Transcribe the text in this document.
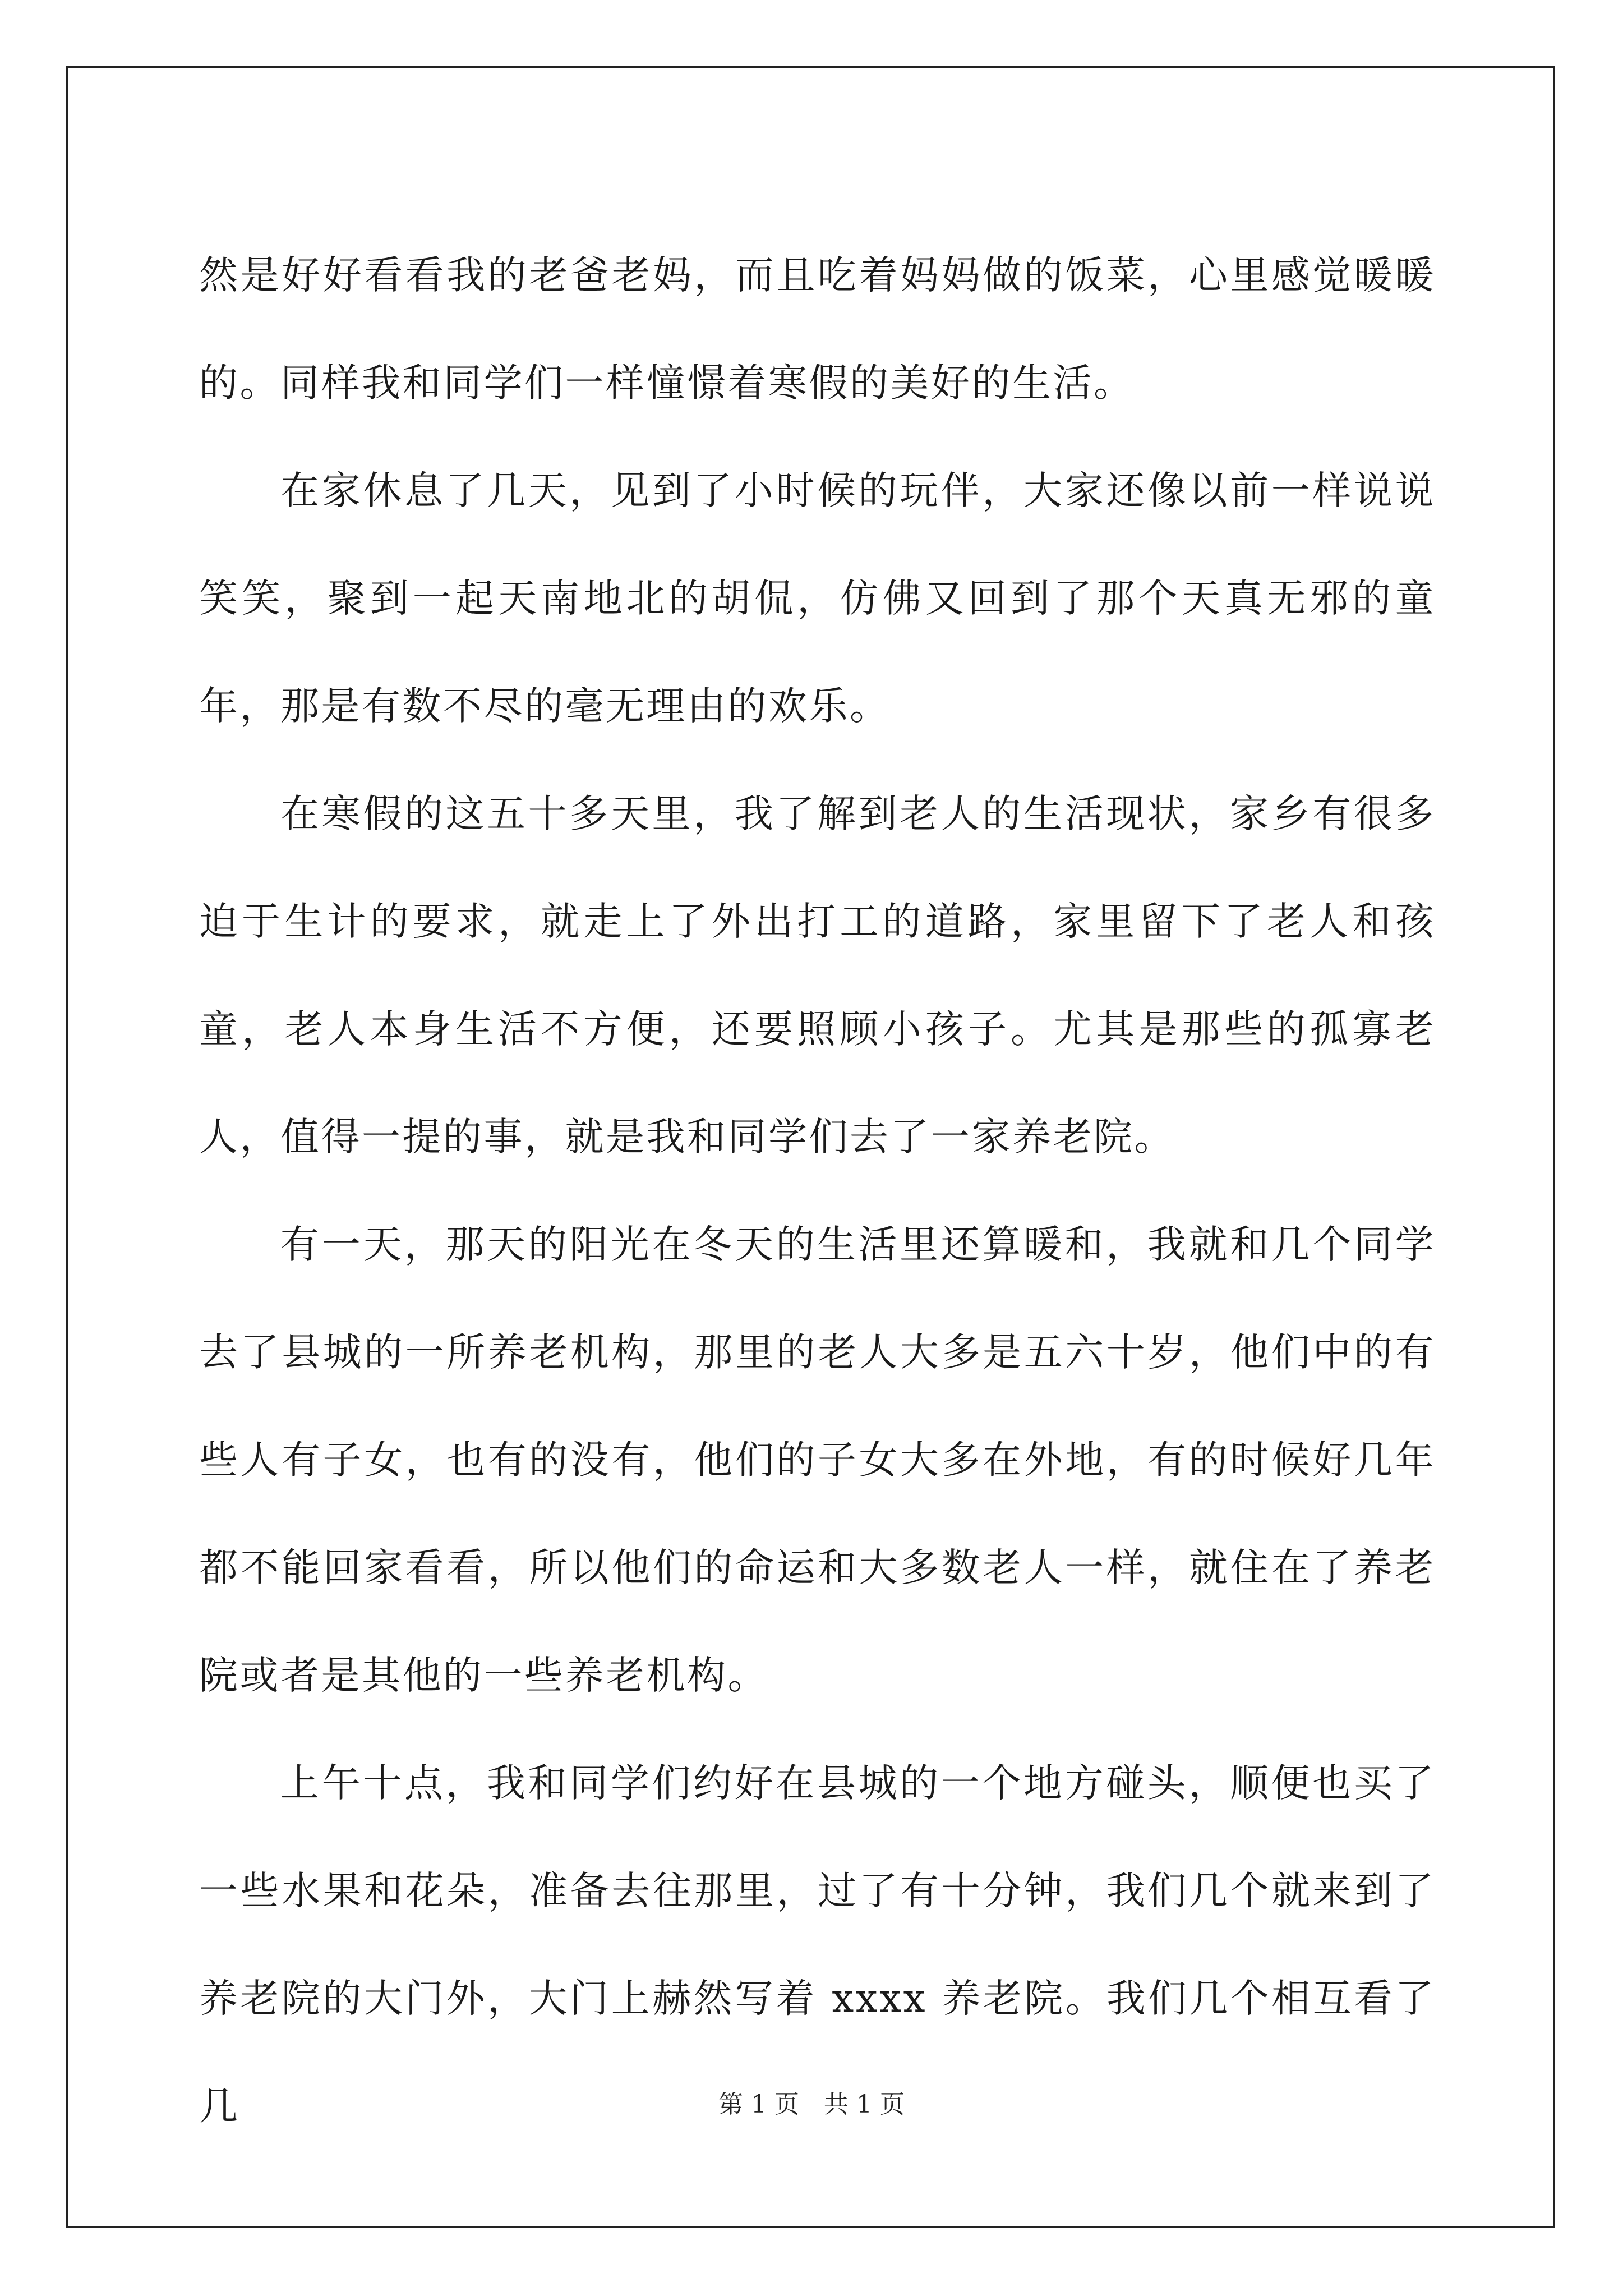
然是好好看看我的老爸老妈，而且吃着妈妈做的饭菜，心里感觉暖暖的。同样我和同学们一样憧憬着寒假的美好的生活。

在家休息了几天，见到了小时候的玩伴，大家还像以前一样说说笑笑，聚到一起天南地北的胡侃，仿佛又回到了那个天真无邪的童年，那是有数不尽的毫无理由的欢乐。

在寒假的这五十多天里，我了解到老人的生活现状，家乡有很多迫于生计的要求，就走上了外出打工的道路，家里留下了老人和孩童，老人本身生活不方便，还要照顾小孩子。尤其是那些的孤寡老人，值得一提的事，就是我和同学们去了一家养老院。

有一天，那天的阳光在冬天的生活里还算暖和，我就和几个同学去了县城的一所养老机构，那里的老人大多是五六十岁，他们中的有些人有子女，也有的没有，他们的子女大多在外地，有的时候好几年都不能回家看看，所以他们的命运和大多数老人一样，就住在了养老院或者是其他的一些养老机构。

上午十点，我和同学们约好在县城的一个地方碰头，顺便也买了一些水果和花朵，准备去往那里，过了有十分钟，我们几个就来到了养老院的大门外，大门上赫然写着 xxxx 养老院。我们几个相互看了几	第 1 页　共 1 页
